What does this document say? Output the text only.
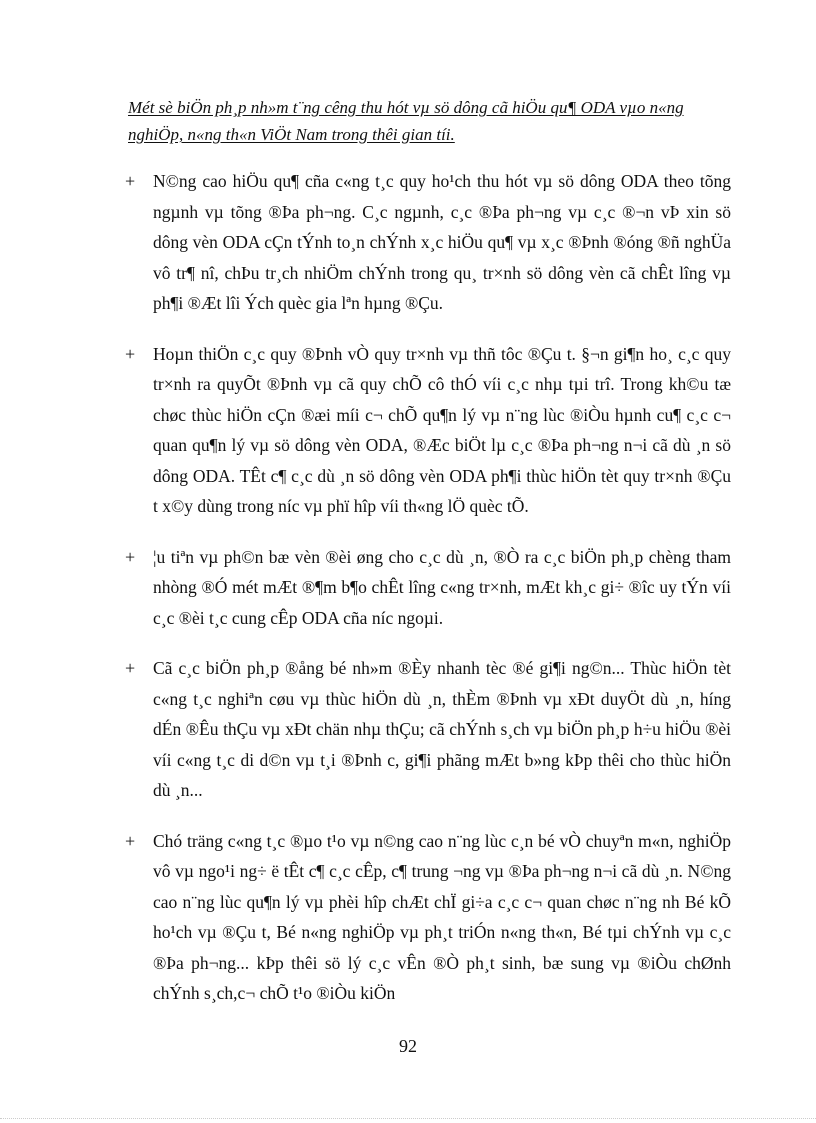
Mét sè biÖn ph¸p nh»m t¨ng cêng thu hót vµ sö dông cã hiÖu qu¶ ODA vµo n«ng nghiÖp, n«ng th«n ViÖt Nam trong thêi gian tíi.
+ N©ng cao hiÖu qu¶ cña c«ng t¸c quy ho¹ch thu hót vµ sö dông ODA theo tõng ngµnh vµ tõng ®Þa ph¬ng. C¸c ngµnh, c¸c ®Þa ph¬ng vµ c¸c ®¬n vÞ xin sö dông vèn ODA cÇn tÝnh to¸n chÝnh x¸c hiÖu qu¶ vµ x¸c ®Þnh ®óng ®ñ nghÜa vô tr¶ nî, chÞu tr¸ch nhiÖm chÝnh trong qu¸ tr×nh sö dông vèn cã chÊt lîng vµ ph¶i ®Æt lîi Ých quèc gia lªn hµng ®Çu.
+ Hoµn thiÖn c¸c quy ®Þnh vÒ quy tr×nh vµ thñ tôc ®Çu t. §¬n gi¶n ho¸ c¸c quy tr×nh ra quyÕt ®Þnh vµ cã quy chÕ cô thÓ víi c¸c nhµ tµi trî. Trong kh©u tæ chøc thùc hiÖn cÇn ®æi míi c¬ chÕ qu¶n lý vµ n¨ng lùc ®iÒu hµnh cu¶ c¸c c¬ quan qu¶n lý vµ sö dông vèn ODA, ®Æc biÖt lµ c¸c ®Þa ph¬ng n¬i cã dù ¸n sö dông ODA. TÊt c¶ c¸c dù ¸n sö dông vèn ODA ph¶i thùc hiÖn tèt quy tr×nh ®Çu t x©y dùng trong níc vµ phï hîp víi th«ng lÖ quèc tÕ.
+ ¦u tiªn vµ ph©n bæ vèn ®èi øng cho c¸c dù ¸n, ®Ò ra c¸c biÖn ph¸p chèng tham nhòng ®Ó mét mÆt ®¶m b¶o chÊt lîng c«ng tr×nh, mÆt kh¸c gi÷ ®îc uy tÝn víi c¸c ®èi t¸c cung cÊp ODA cña níc ngoµi.
+ Cã c¸c biÖn ph¸p ®ång bé nh»m ®Èy nhanh tèc ®é gi¶i ng©n... Thùc hiÖn tèt c«ng t¸c nghiªn cøu vµ thùc hiÖn dù ¸n, thÈm ®Þnh vµ xÐt duyÖt dù ¸n, híng dÉn ®Êu thÇu vµ xÐt chän nhµ thÇu; cã chÝnh s¸ch vµ biÖn ph¸p h÷u hiÖu ®èi víi c«ng t¸c di d©n vµ t¸i ®Þnh c, gi¶i phãng mÆt b»ng kÞp thêi cho thùc hiÖn dù ¸n...
+ Chó träng c«ng t¸c ®µo t¹o vµ n©ng cao n¨ng lùc c¸n bé vÒ chuyªn m«n, nghiÖp vô vµ ngo¹i ng÷ ë tÊt c¶ c¸c cÊp, c¶ trung ¬ng vµ ®Þa ph¬ng n¬i cã dù ¸n. N©ng cao n¨ng lùc qu¶n lý vµ phèi hîp chÆt chÏ gi÷a c¸c c¬ quan chøc n¨ng nh Bé kÕ ho¹ch vµ ®Çu t, Bé n«ng nghiÖp vµ ph¸t triÓn n«ng th«n, Bé tµi chÝnh vµ c¸c ®Þa ph¬ng... kÞp thêi sö lý c¸c vÊn ®Ò ph¸t sinh, bæ sung vµ ®iÒu chØnh chÝnh s¸ch,c¬ chÕ t¹o ®iÒu kiÖn
92
